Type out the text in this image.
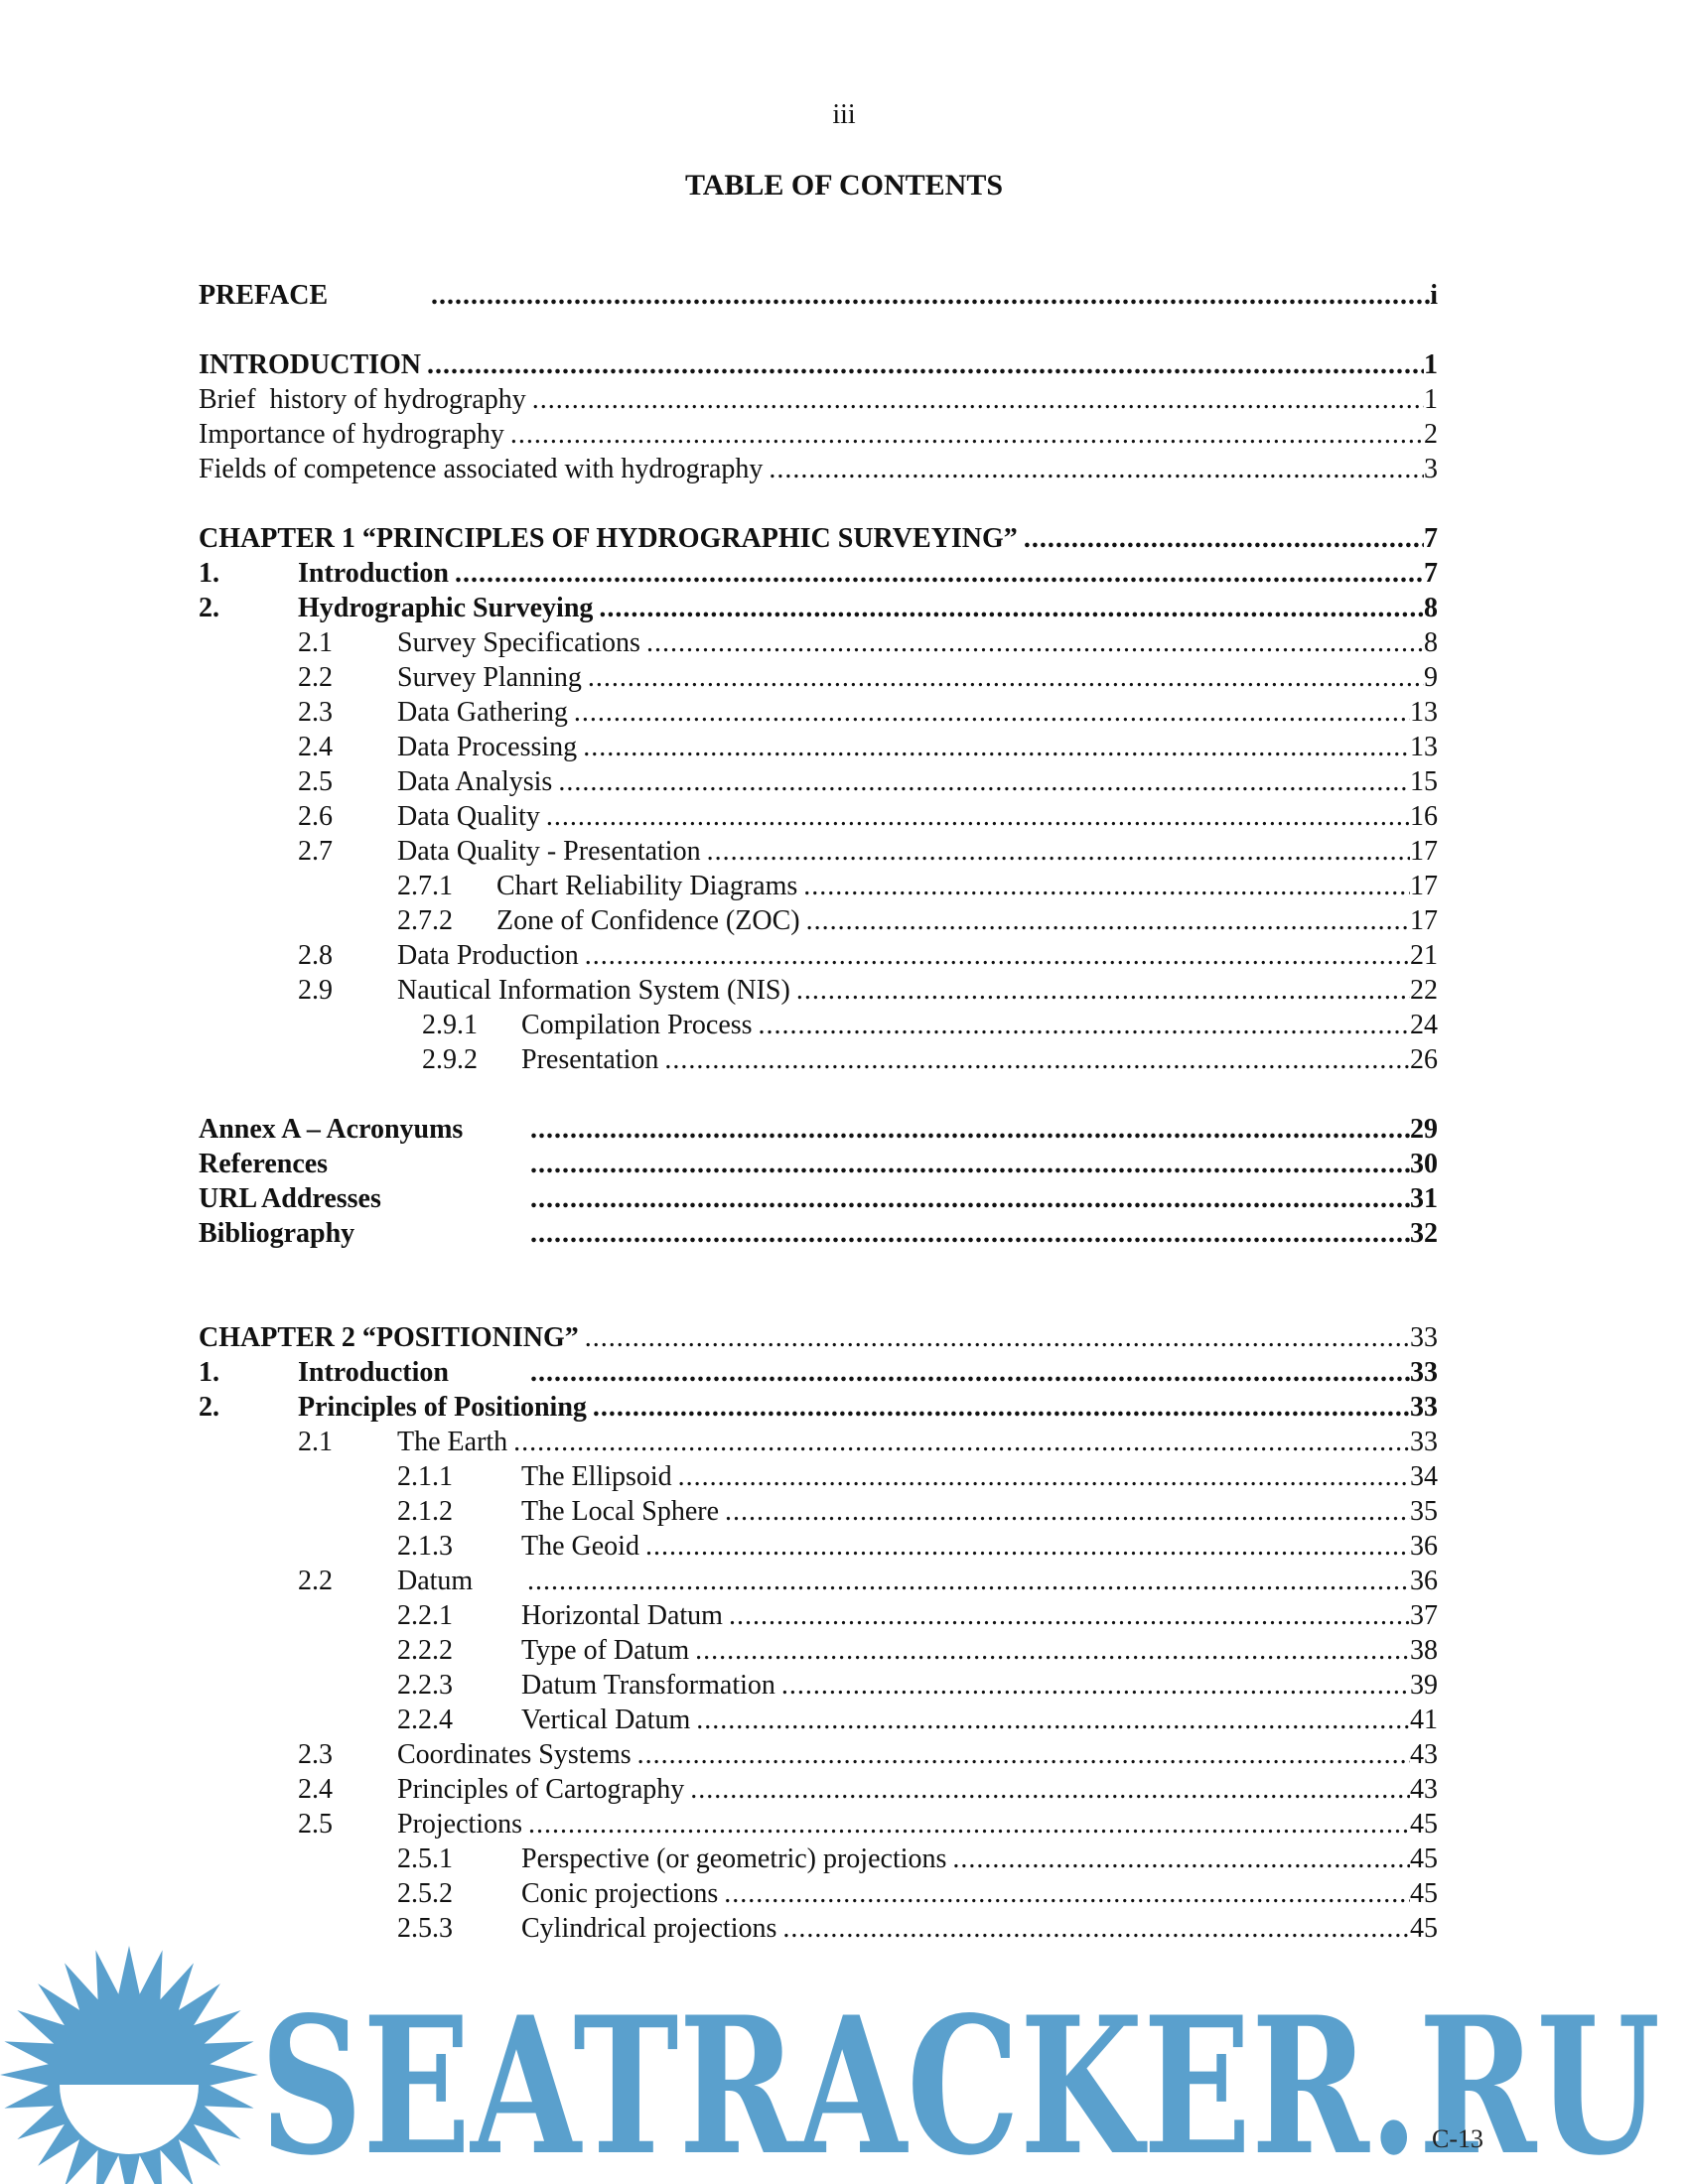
iii
TABLE OF CONTENTS
PREFACE .....	i
INTRODUCTION .....	1
Brief  history of hydrography .....	1
Importance of hydrography .....	2
Fields of competence associated with hydrography .....	3
CHAPTER 1 “PRINCIPLES OF HYDROGRAPHIC SURVEYING” .....	7
1.	Introduction .....	7
2.	Hydrographic Surveying .....	8
2.1	Survey Specifications .....	8
2.2	Survey Planning .....	9
2.3	Data Gathering .....	13
2.4	Data Processing .....	13
2.5	Data Analysis .....	15
2.6	Data Quality .....	16
2.7	Data Quality - Presentation .....	17
2.7.1	Chart Reliability Diagrams .....	17
2.7.2	Zone of Confidence (ZOC) .....	17
2.8	Data Production .....	21
2.9	Nautical Information System (NIS) .....	22
2.9.1	Compilation Process .....	24
2.9.2	Presentation .....	26
Annex A – Acronyums .....	29
References .....	30
URL Addresses .....	31
Bibliography .....	32
CHAPTER 2 “POSITIONING” .....	33
1.	Introduction .....	33
2.	Principles of Positioning .....	33
2.1	The Earth .....	33
2.1.1	The Ellipsoid .....	34
2.1.2	The Local Sphere .....	35
2.1.3	The Geoid .....	36
2.2	Datum .....	36
2.2.1	Horizontal Datum .....	37
2.2.2	Type of Datum .....	38
2.2.3	Datum Transformation .....	39
2.2.4	Vertical Datum .....	41
2.3	Coordinates Systems .....	43
2.4	Principles of Cartography .....	43
2.5	Projections .....	45
2.5.1	Perspective (or geometric) projections .....	45
2.5.2	Conic projections .....	45
2.5.3	Cylindrical projections .....	45
SEATRACKER.RU
C-13
